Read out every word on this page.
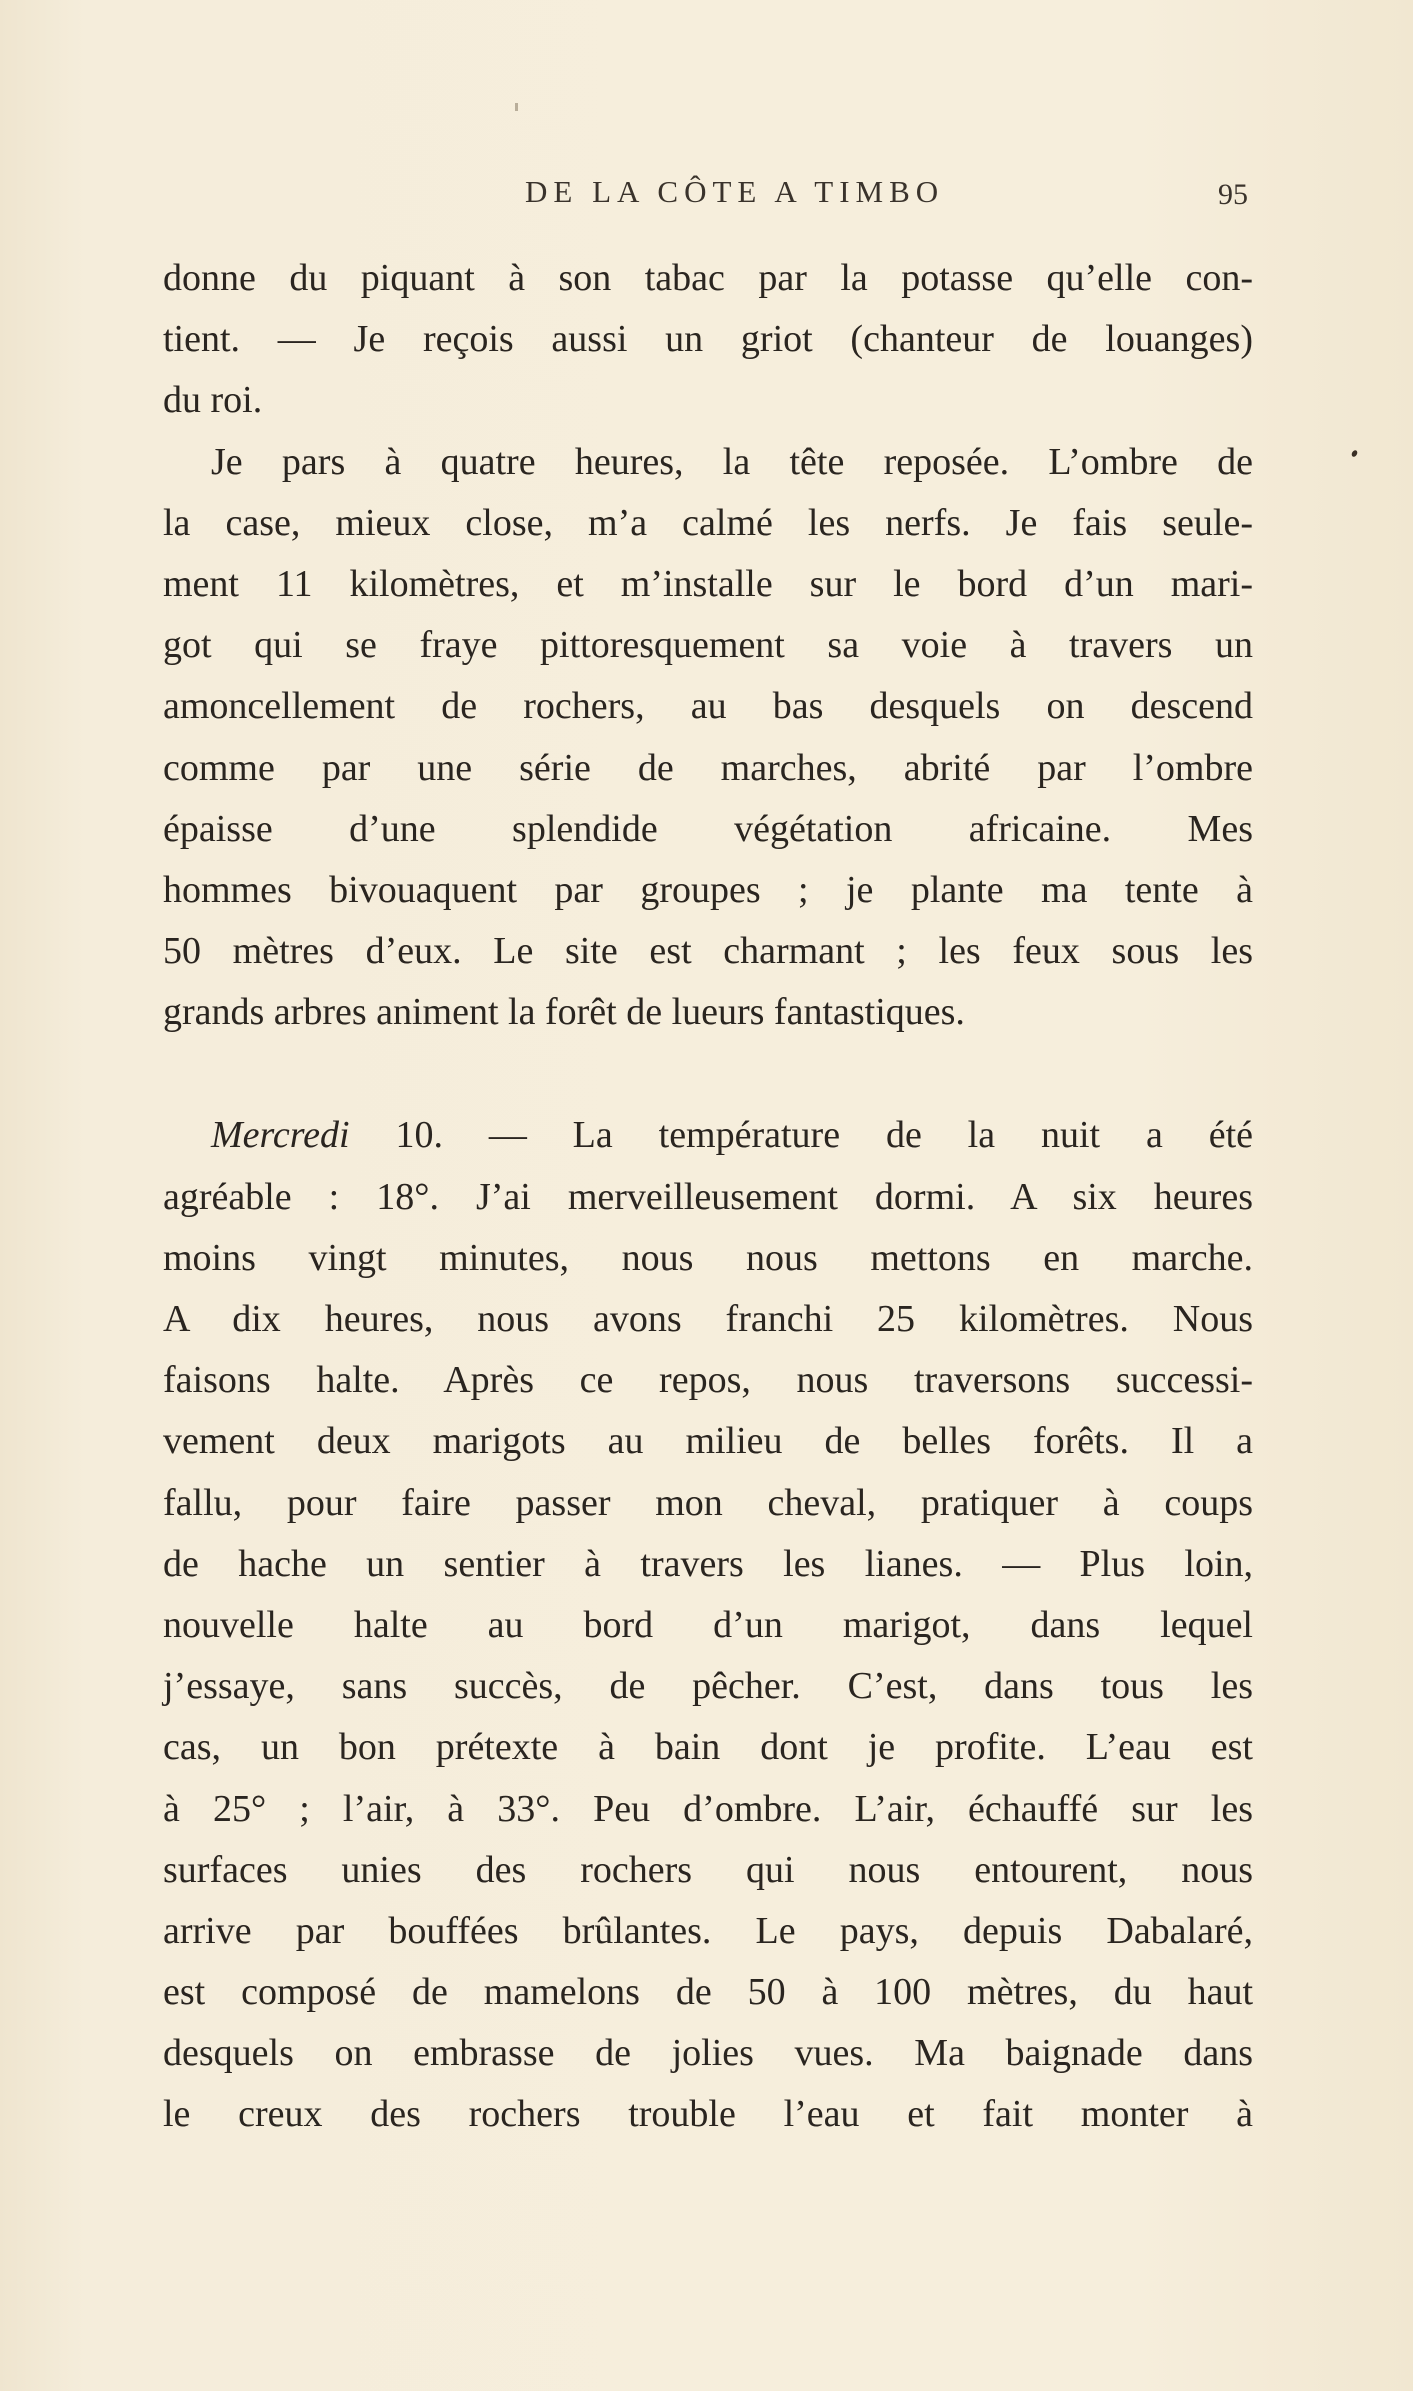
DE LA CÔTE A TIMBO	95
donne du piquant à son tabac par la potasse qu’elle con-
tient. — Je reçois aussi un griot (chanteur de louanges)
du roi.
Je pars à quatre heures, la tête reposée. L’ombre de
la case, mieux close, m’a calmé les nerfs. Je fais seule-
ment 11 kilomètres, et m’installe sur le bord d’un mari-
got qui se fraye pittoresquement sa voie à travers un
amoncellement de rochers, au bas desquels on descend
comme par une série de marches, abrité par l’ombre
épaisse d’une splendide végétation africaine. Mes
hommes bivouaquent par groupes ; je plante ma tente à
50 mètres d’eux. Le site est charmant ; les feux sous les
grands arbres animent la forêt de lueurs fantastiques.
Mercredi 10. — La température de la nuit a été
agréable : 18°. J’ai merveilleusement dormi. A six heures
moins vingt minutes, nous nous mettons en marche.
A dix heures, nous avons franchi 25 kilomètres. Nous
faisons halte. Après ce repos, nous traversons successi-
vement deux marigots au milieu de belles forêts. Il a
fallu, pour faire passer mon cheval, pratiquer à coups
de hache un sentier à travers les lianes. — Plus loin,
nouvelle halte au bord d’un marigot, dans lequel
j’essaye, sans succès, de pêcher. C’est, dans tous les
cas, un bon prétexte à bain dont je profite. L’eau est
à 25° ; l’air, à 33°. Peu d’ombre. L’air, échauffé sur les
surfaces unies des rochers qui nous entourent, nous
arrive par bouffées brûlantes. Le pays, depuis Dabalaré,
est composé de mamelons de 50 à 100 mètres, du haut
desquels on embrasse de jolies vues. Ma baignade dans
le creux des rochers trouble l’eau et fait monter à
